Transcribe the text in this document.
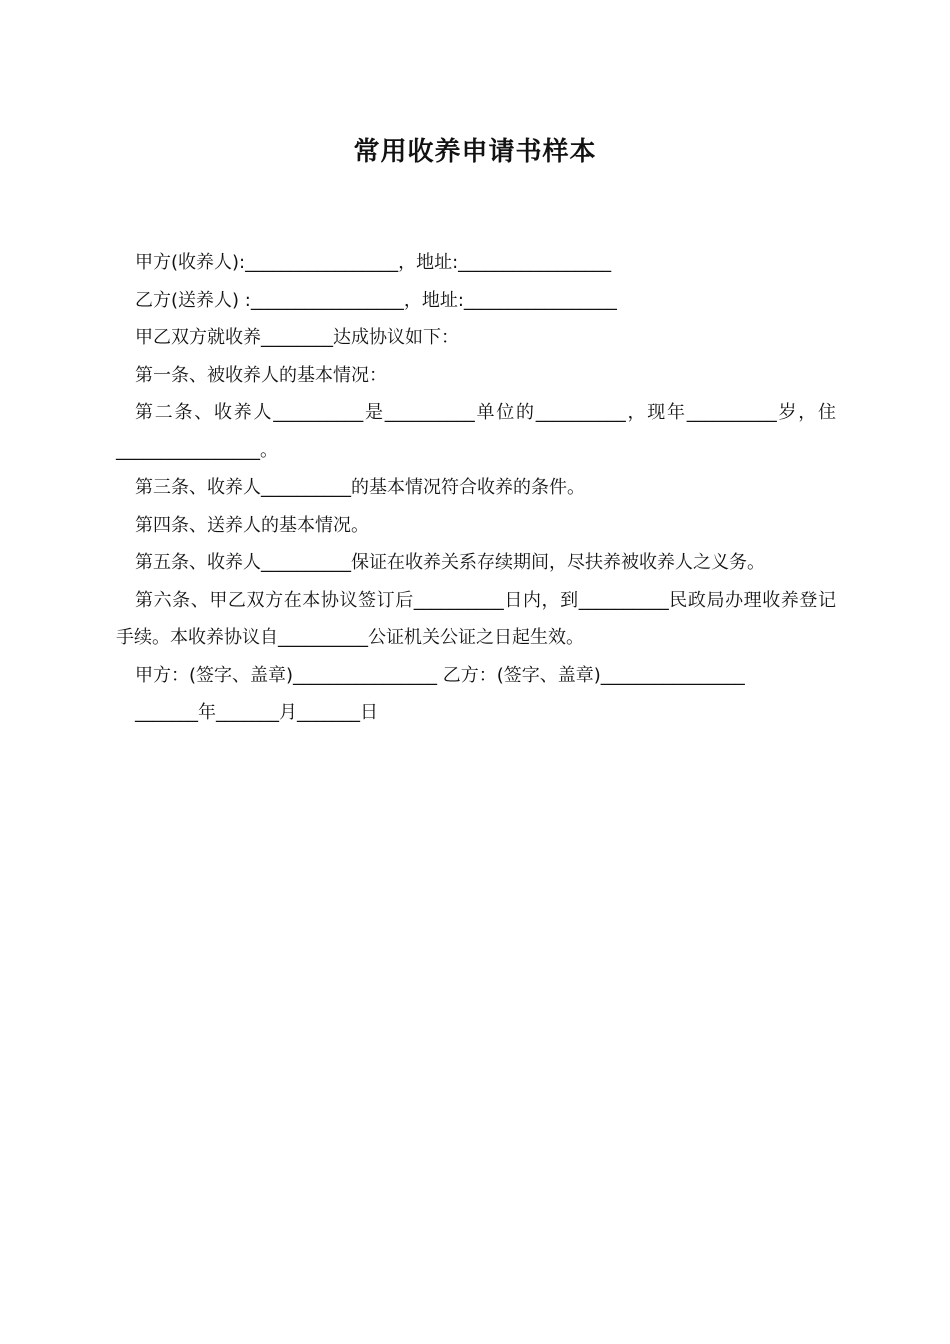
常用收养申请书样本
甲方(收养人):_________________，地址:_________________
乙方(送养人) :_________________，地址:_________________
甲乙双方就收养________达成协议如下：
第一条、被收养人的基本情况：
第二条、收养人__________是__________单位的__________，现年__________岁，住________________。
第三条、收养人__________的基本情况符合收养的条件。
第四条、送养人的基本情况。
第五条、收养人__________保证在收养关系存续期间，尽扶养被收养人之义务。
第六条、甲乙双方在本协议签订后__________日内，到__________民政局办理收养登记手续。本收养协议自__________公证机关公证之日起生效。
甲方：(签字、盖章)________________ 乙方：(签字、盖章)________________
_______年_______月_______日
